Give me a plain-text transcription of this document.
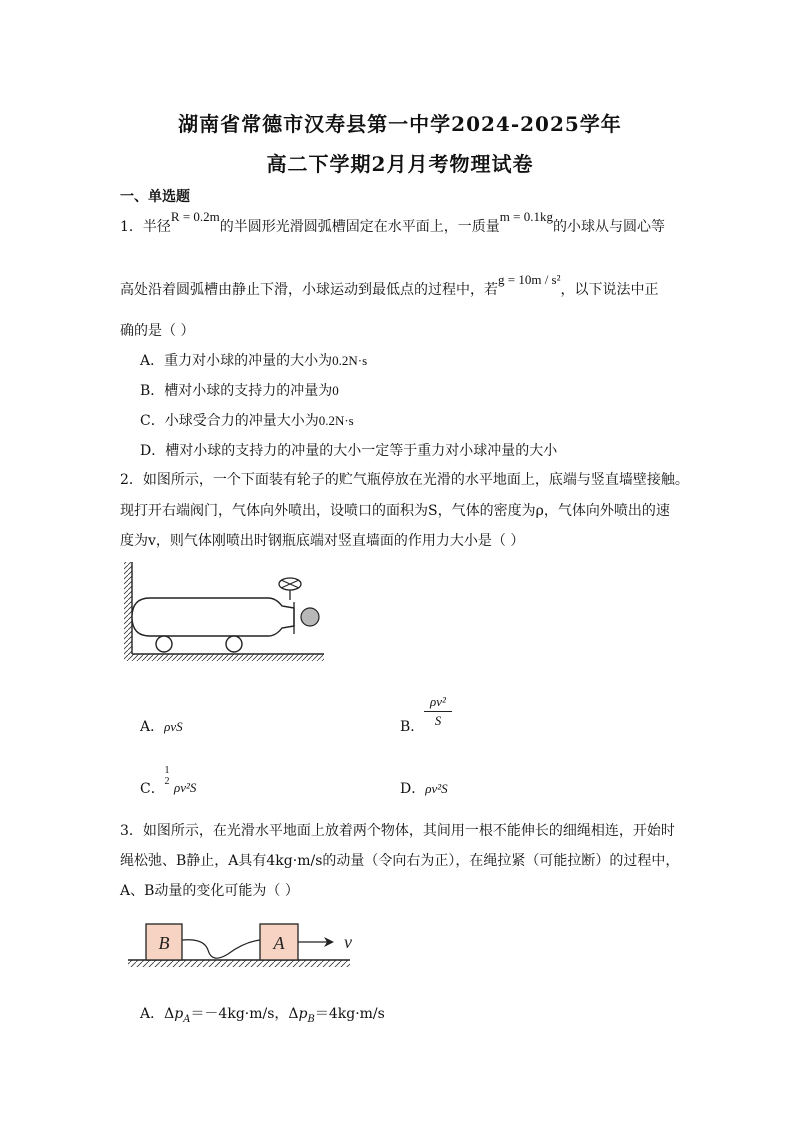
湖南省常德市汉寿县第一中学2024-2025学年
高二下学期2月月考物理试卷
一、单选题
1．半径R = 0.2m的半圆形光滑圆弧槽固定在水平面上，一质量m = 0.1kg的小球从与圆心等
高处沿着圆弧槽由静止下滑，小球运动到最低点的过程中，若g = 10m / s²，以下说法中正
确的是（ ）
A．重力对小球的冲量的大小为0.2N·s
B．槽对小球的支持力的冲量为0
C．小球受合力的冲量大小为0.2N·s
D．槽对小球的支持力的冲量的大小一定等于重力对小球冲量的大小
2．如图所示，一个下面装有轮子的贮气瓶停放在光滑的水平地面上，底端与竖直墙壁接触。
现打开右端阀门，气体向外喷出，设喷口的面积为S，气体的密度为ρ，气体向外喷出的速
度为v，则气体刚喷出时钢瓶底端对竖直墙面的作用力大小是（ ）
A．ρvS	B．
ρv²
S
C．
1
2 ρv²S	D．ρv²S
3．如图所示，在光滑水平地面上放着两个物体，其间用一根不能伸长的细绳相连，开始时
绳松弛、B静止，A具有4kg·m/s的动量（令向右为正），在绳拉紧（可能拉断）的过程中，
A、B动量的变化可能为（ ）
B	A	v
A．$\Delta p_A=-4kg\cdot m/s$，$\Delta p_B=4kg\cdot m/s$
